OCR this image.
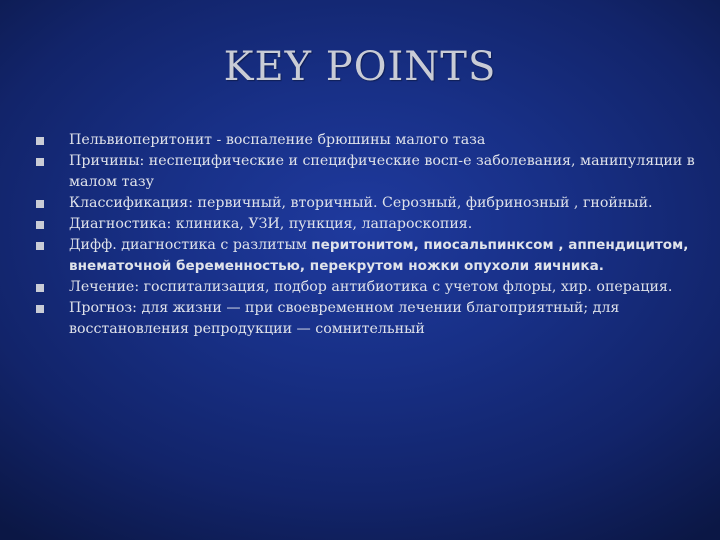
KEY POINTS
Пельвиоперитонит - воспаление брюшины малого таза
Причины: неспецифические и специфические восп-е заболевания, манипуляции в малом тазу
Классификация: первичный, вторичный. Серозный, фибринозный , гнойный.
Диагностика: клиника, УЗИ, пункция, лапароскопия.
Дифф. диагностика с разлитым перитонитом, пиосальпинксом , аппендицитом, внематочной беременностью, перекрутом ножки опухоли яичника.
Лечение: госпитализация, подбор антибиотика с учетом флоры, хир. операция.
Прогноз: для жизни — при своевременном лечении благоприятный; для восстановления репродукции — сомнительный
